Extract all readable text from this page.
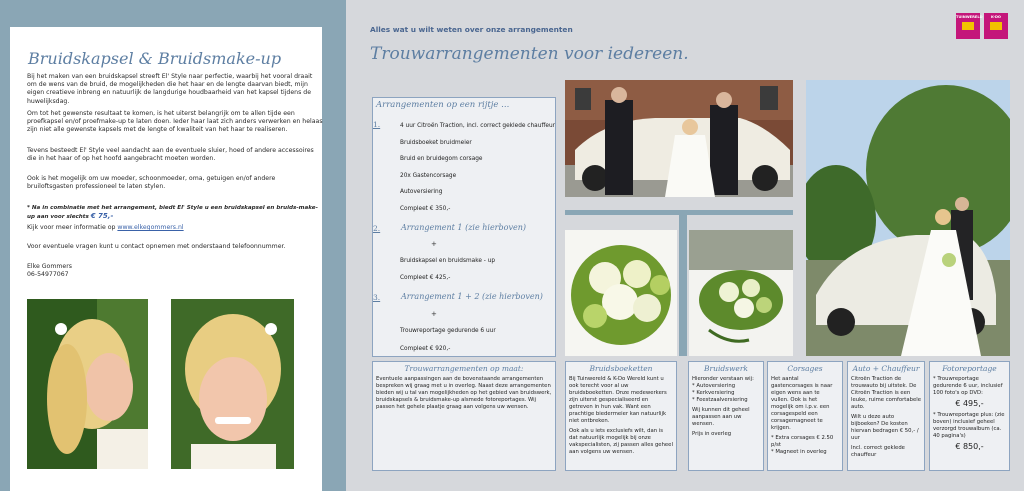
Bruidskapsel & Bruidsmake-up
Bij het maken van een bruidskapsel streeft El' Style naar perfectie, waarbij het vooral draait om de wens van de bruid, de mogelijkheden die het haar en de lengte daarvan biedt, mijn eigen creatieve inbreng en natuurlijk de langdurige houdbaarheid van het kapsel tijdens de huwelijksdag.
Om tot het gewenste resultaat te komen, is het uiterst belangrijk om te allen tijde een proefkapsel en/of proefmake-up te laten doen. Ieder haar laat zich anders verwerken en helaas zijn niet alle gewenste kapsels met de lengte of kwaliteit van het haar te realiseren.
Tevens besteedt El' Style veel aandacht aan de eventuele sluier, hoed of andere accessoires die in het haar of op het hoofd aangebracht moeten worden.
Ook is het mogelijk om uw moeder, schoonmoeder, oma, getuigen en/of andere bruiloftsgasten professioneel te laten stylen.
* Na in combinatie met het arrangement, biedt El' Style u een bruidskapsel en bruids-make-up aan voor slechts € 75,-
Kijk voor meer informatie op www.elkegommers.nl
Voor eventuele vragen kunt u contact opnemen met onderstaand telefoonnummer.
Elke Gommers
06-54977067
Alles wat u wilt weten over onze arrangementen
Trouwarrangementen voor iedereen.
TUINWERELD	K-DO
Arrangementen op een rijtje ...
1.	4 uur Citroën Traction, incl. correct geklede chauffeur
Bruidsboeket bruidmeier
Bruid en bruidegom corsage
20x Gastencorsage
Autoversiering
Compleet € 350,-
2.	Arrangement 1 (zie hierboven)
+
Bruidskapsel en bruidsmake - up
Compleet € 425,-
3.	Arrangement 1 + 2 (zie hierboven)
+
Trouwreportage gedurende 6 uur
Compleet € 920,-
Trouwarrangementen op maat:
Eventuele aanpassingen aan de bovenstaande arrangementen bespreken wij graag met u in overleg. Naast deze arrangementen bieden wij u tal van mogelijkheden op het gebied van bruidswerk, bruidskapsels & bruidsmake-up alsmede fotoreportages. Wij passen het gehele plaatje graag aan volgens uw wensen.
Bruidsboeketten
Bij Tuinwereld & K-Do Wereld kunt u ook terecht voor al uw bruidsboeketten. Onze medewerkers zijn uiterst gespecialiseerd en getreven in hun vak. Want een prachtige biedermeier kan natuurlijk niet ontbreken.
Ook als u iets exclusiefs wilt, dan is dat natuurlijk mogelijk bij onze vakspecialisten, zij passen alles geheel aan volgens uw wensen.
Bruidswerk
Hieronder verstaan wij:
* Autoversiering
* Kerkversiering
* Feestzaalversiering
Wij kunnen dit geheel aanpassen aan uw wensen.
Prijs in overleg
Corsages
Het aantal gastencorsages is naar eigen wens aan te vullen. Ook is het mogelijk om i.p.v. een corsagespeld een corsagemagneet te krijgen.
* Extra corsages € 2.50 p/st
* Magneet in overleg
Auto + Chauffeur
Citroën Traction de trouwauto bij uitstek. De Citroën Traction is een leuke, ruime comfortabele auto.
Wilt u deze auto bijboeken? De kosten hiervan bedragen € 50,- / uur
Incl. correct geklede chauffeur
Fotoreportage
* Trouwreportage gedurende 6 uur, inclusief 100 foto's op DVD:
€ 495,-
* Trouwreportage plus: (zie boven) inclusief geheel verzorgd trouwalbum (ca. 40 pagina's)
€ 850,-
